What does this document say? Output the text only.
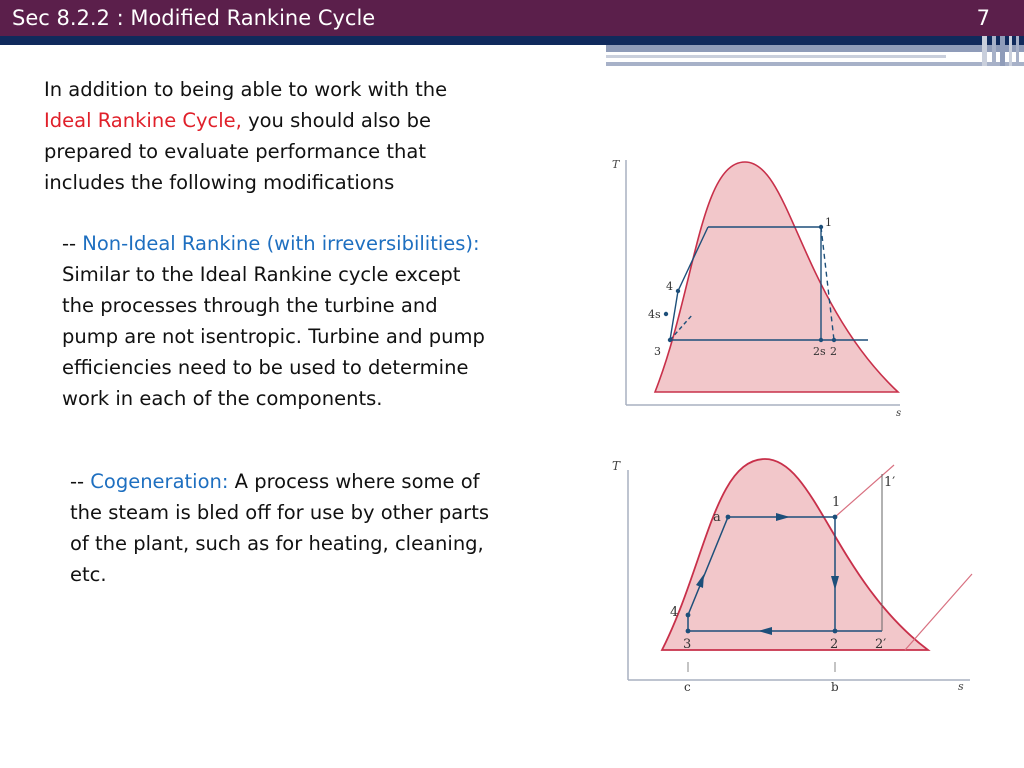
Sec 8.2.2 : Modified Rankine Cycle	7
In addition to being able to work with the
Ideal Rankine Cycle, you should also be
prepared to evaluate performance that
includes the following modifications
-- Non-Ideal Rankine (with irreversibilities):
Similar to the Ideal Rankine cycle except
the processes through the turbine and
pump are not isentropic. Turbine and pump
efficiencies need to be used to determine
work in each of the components.
-- Cogeneration: A process where some of
the steam is bled off for use by other parts
of the plant, such as for heating, cleaning,
etc.
T
s
1
4
4s
3	2s 2
T
s
1
1′
a
4
3	2	2′
c	b
